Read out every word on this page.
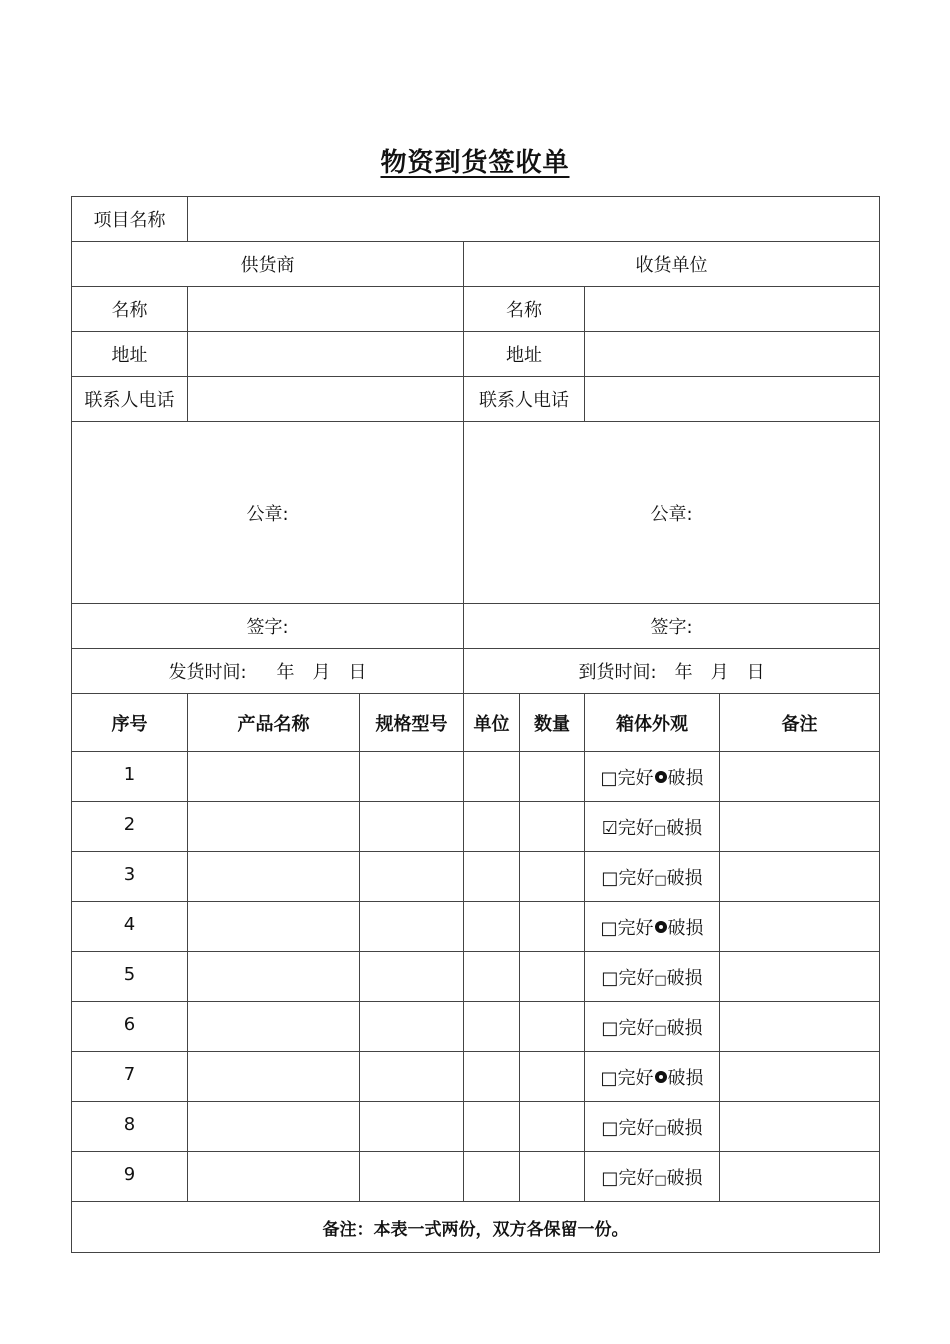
物资到货签收单
项目名称						
供货商			收货单位			
名称			名称			
地址			地址			
联系人电话			联系人电话			
公章:			公章:			
签字:			签字:			
发货时间: 年 月 日			到货时间: 年 月 日			
序号	产品名称	规格型号	单位	数量	箱体外观	备注
1					□完好 破损	
2					☑完好□破损	
3					□完好□破损	
4					□完好 破损	
5					□完好□破损	
6					□完好□破损	
7					□完好 破损	
8					□完好□破损	
9					□完好□破损	
备注：本表一式两份，双方各保留一份。						
